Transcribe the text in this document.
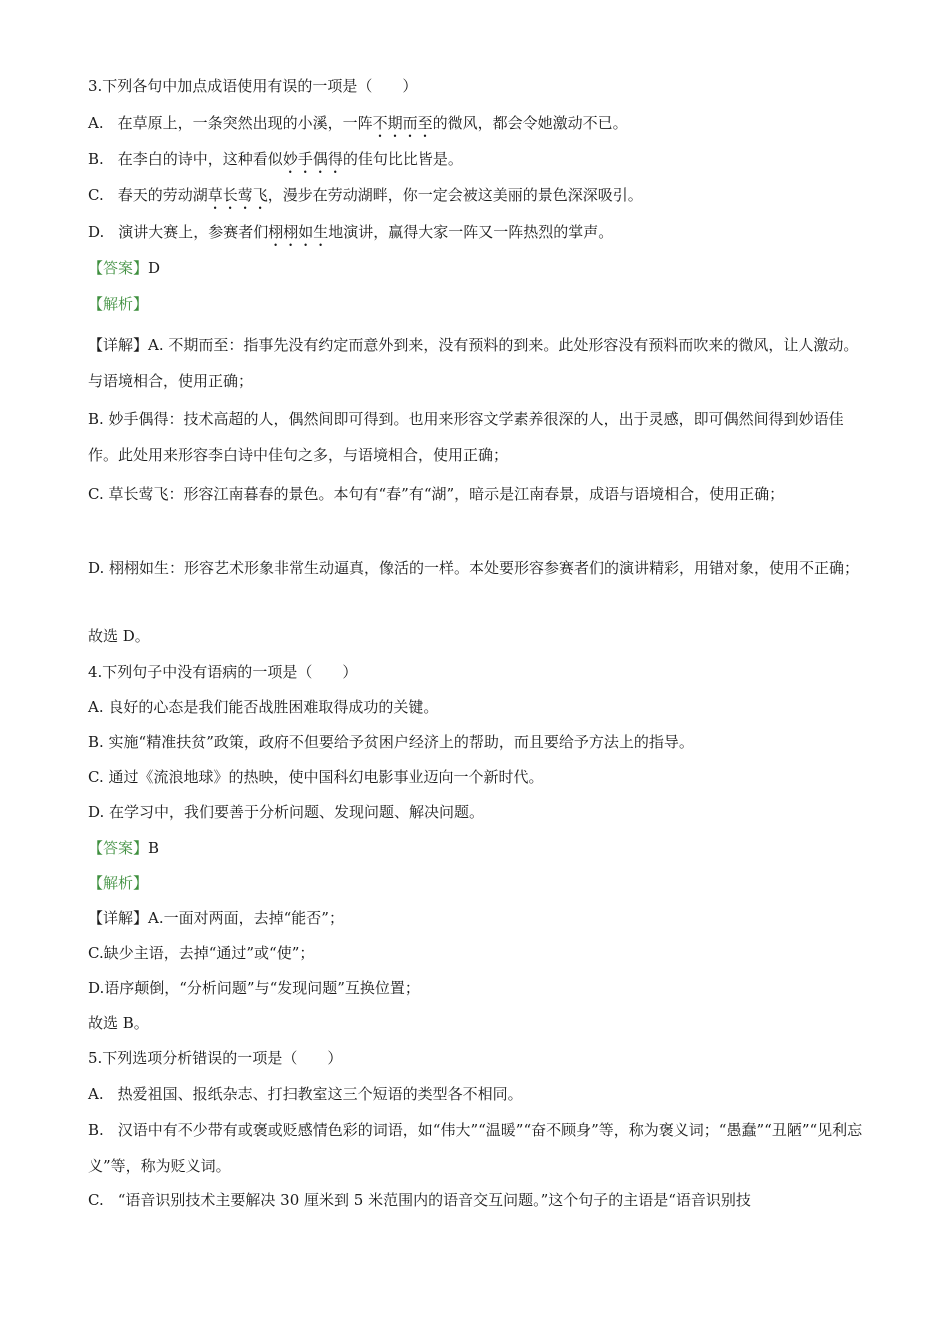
3.下列各句中加点成语使用有误的一项是（　　）
A. 在草原上，一条突然出现的小溪，一阵不期而至的微风，都会令她激动不已。
B. 在李白的诗中，这种看似妙手偶得的佳句比比皆是。
C. 春天的劳动湖草长莺飞，漫步在劳动湖畔，你一定会被这美丽的景色深深吸引。
D. 演讲大赛上，参赛者们栩栩如生地演讲，赢得大家一阵又一阵热烈的掌声。
【答案】D
【解析】
【详解】A. 不期而至：指事先没有约定而意外到来，没有预料的到来。此处形容没有预料而吹来的微风，让人激动。与语境相合，使用正确；
B. 妙手偶得：技术高超的人，偶然间即可得到。也用来形容文学素养很深的人，出于灵感，即可偶然间得到妙语佳作。此处用来形容李白诗中佳句之多，与语境相合，使用正确；
C. 草长莺飞：形容江南暮春的景色。本句有“春”有“湖”，暗示是江南春景，成语与语境相合，使用正确；
D. 栩栩如生：形容艺术形象非常生动逼真，像活的一样。本处要形容参赛者们的演讲精彩，用错对象，使用不正确；
故选 D。
4.下列句子中没有语病的一项是（　　）
A. 良好的心态是我们能否战胜困难取得成功的关键。
B. 实施“精准扶贫”政策，政府不但要给予贫困户经济上的帮助，而且要给予方法上的指导。
C. 通过《流浪地球》的热映，使中国科幻电影事业迈向一个新时代。
D. 在学习中，我们要善于分析问题、发现问题、解决问题。
【答案】B
【解析】
【详解】A.一面对两面，去掉“能否”；
C.缺少主语，去掉“通过”或“使”；
D.语序颠倒，“分析问题”与“发现问题”互换位置；
故选 B。
5.下列选项分析错误的一项是（　　）
A. 热爱祖国、报纸杂志、打扫教室这三个短语的类型各不相同。
B. 汉语中有不少带有或褒或贬感情色彩的词语，如“伟大”“温暖”“奋不顾身”等，称为褒义词；“愚蠢”“丑陋”“见利忘义”等，称为贬义词。
C. “语音识别技术主要解决 30 厘米到 5 米范围内的语音交互问题。”这个句子的主语是“语音识别技
